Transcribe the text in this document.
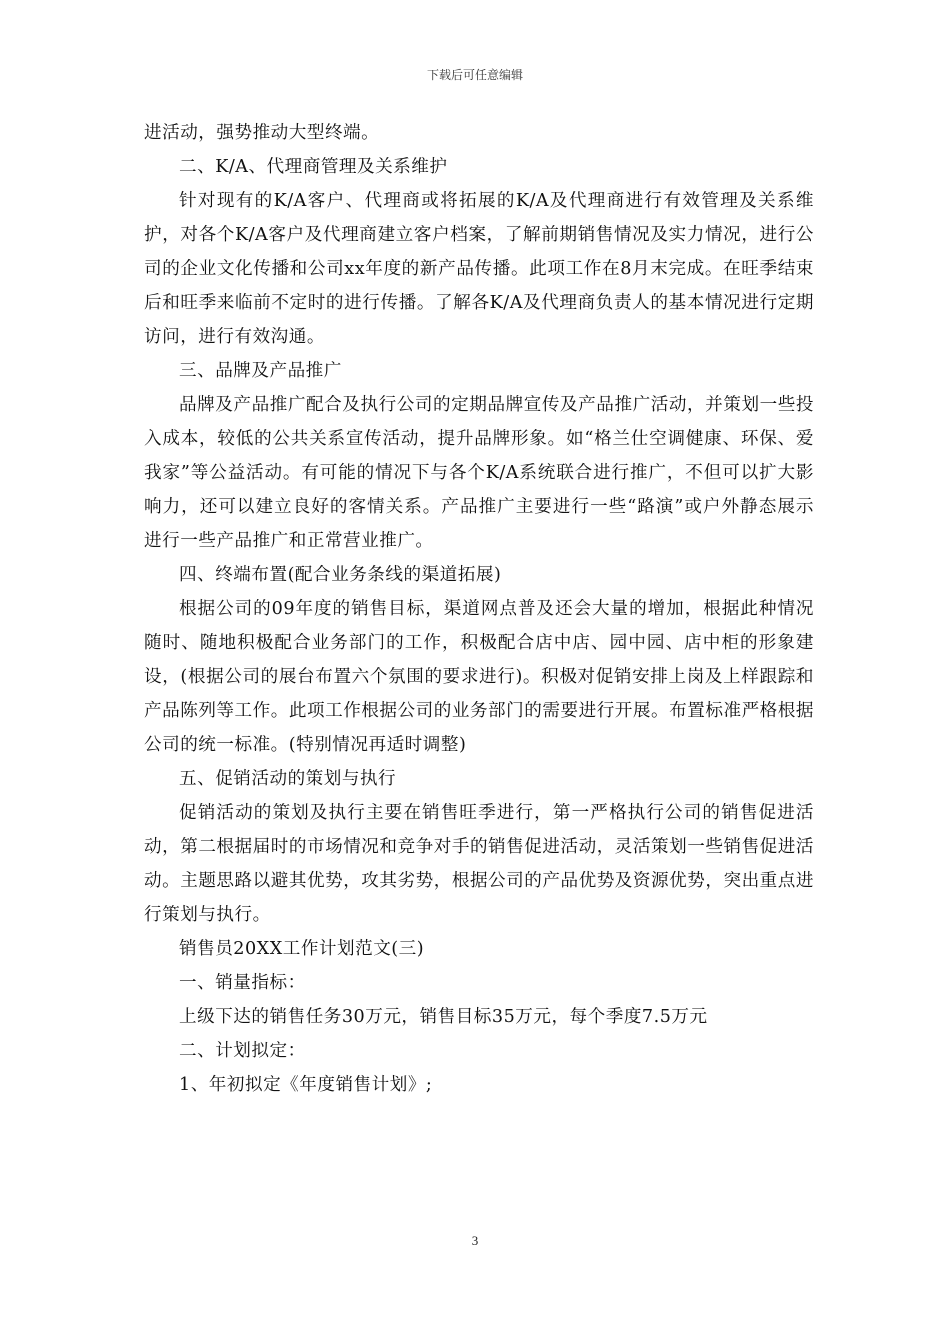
下载后可任意编辑

进活动，强势推动大型终端。

二、K/A、代理商管理及关系维护

针对现有的K/A客户、代理商或将拓展的K/A及代理商进行有效管理及关系维护，对各个K/A客户及代理商建立客户档案，了解前期销售情况及实力情况，进行公司的企业文化传播和公司xx年度的新产品传播。此项工作在8月末完成。在旺季结束后和旺季来临前不定时的进行传播。了解各K/A及代理商负责人的基本情况进行定期访问，进行有效沟通。

三、品牌及产品推广

品牌及产品推广配合及执行公司的定期品牌宣传及产品推广活动，并策划一些投入成本，较低的公共关系宣传活动，提升品牌形象。如“格兰仕空调健康、环保、爱我家”等公益活动。有可能的情况下与各个K/A系统联合进行推广，不但可以扩大影响力，还可以建立良好的客情关系。产品推广主要进行一些“路演”或户外静态展示进行一些产品推广和正常营业推广。

四、终端布置(配合业务条线的渠道拓展)

根据公司的09年度的销售目标，渠道网点普及还会大量的增加，根据此种情况随时、随地积极配合业务部门的工作，积极配合店中店、园中园、店中柜的形象建设，(根据公司的展台布置六个氛围的要求进行)。积极对促销安排上岗及上样跟踪和产品陈列等工作。此项工作根据公司的业务部门的需要进行开展。布置标准严格根据公司的统一标准。(特别情况再适时调整)

五、促销活动的策划与执行

促销活动的策划及执行主要在销售旺季进行，第一严格执行公司的销售促进活动，第二根据届时的市场情况和竞争对手的销售促进活动，灵活策划一些销售促进活动。主题思路以避其优势，攻其劣势，根据公司的产品优势及资源优势，突出重点进行策划与执行。

销售员20XX工作计划范文(三)

一、销量指标：

上级下达的销售任务30万元，销售目标35万元，每个季度7.5万元

二、计划拟定：

1、年初拟定《年度销售计划》;

3
